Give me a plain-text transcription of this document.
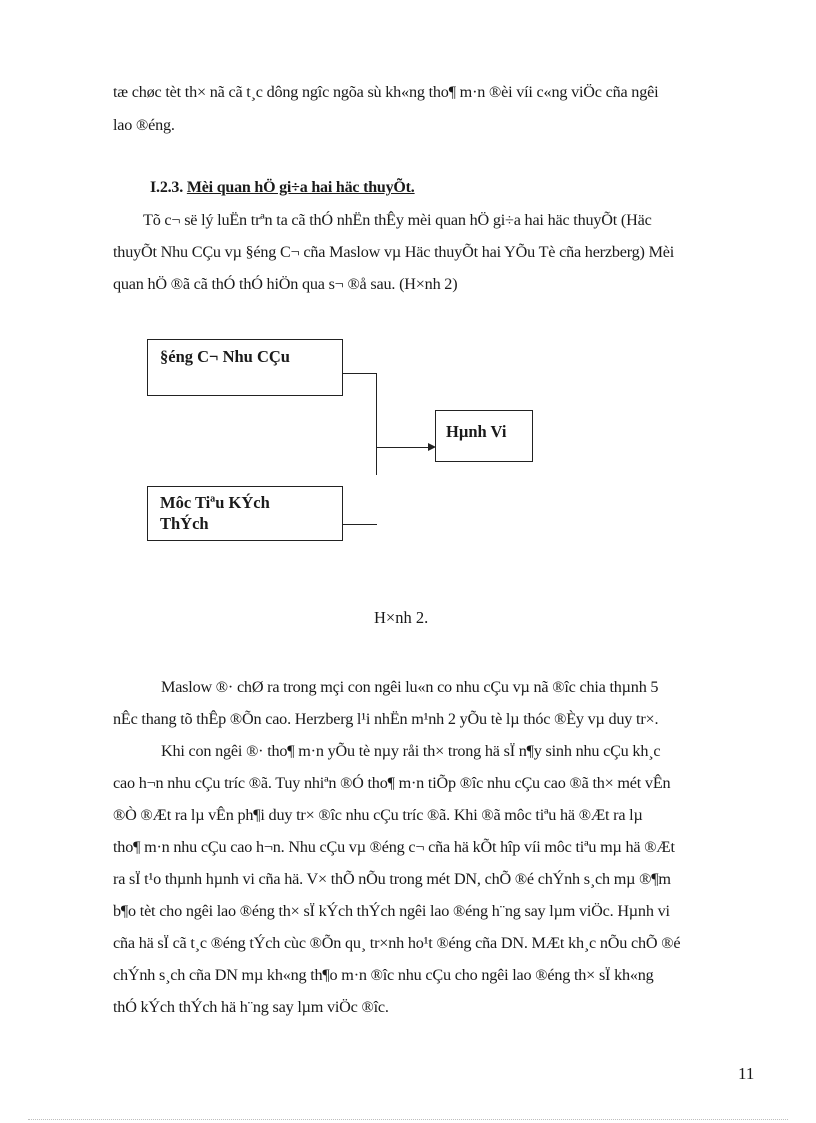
tæ chøc tèt th× nã cã t¸c dông ngîc ngõa sù kh«ng tho¶ m·n ®èi víi c«ng viÖc cña ngêi

lao ®éng.

I.2.3. Mèi quan hÖ gi÷a hai häc thuyÕt.

Tõ c¬ së lý luËn trªn ta cã thÓ nhËn thÊy mèi quan hÖ gi÷a hai häc thuyÕt (Häc

thuyÕt Nhu CÇu vµ §éng C¬ cña Maslow vµ Häc thuyÕt hai YÕu Tè cña herzberg) Mèi

quan hÖ ®ã cã thÓ thÓ hiÖn qua s¬ ®å sau. (H×nh 2)

§éng C¬ Nhu CÇu
Hµnh Vi
Môc Tiªu KÝch ThÝch
H×nh 2.

Maslow ®· chØ ra trong mçi con ngêi lu«n co nhu cÇu vµ nã ®îc chia thµnh 5

nÊc thang tõ thÊp ®Õn cao. Herzberg l¹i nhËn m¹nh 2 yÕu tè lµ thóc ®Èy vµ duy tr×.

Khi con ngêi ®· tho¶ m·n yÕu tè nµy råi th× trong hä sÏ n¶y sinh nhu cÇu kh¸c

cao h¬n nhu cÇu tríc ®ã. Tuy nhiªn ®Ó tho¶ m·n tiÕp ®îc nhu cÇu cao ®ã th× mét vÊn

®Ò ®Æt ra lµ vÊn ph¶i duy tr× ®îc nhu cÇu tríc ®ã. Khi ®ã môc tiªu hä ®Æt ra lµ

tho¶ m·n nhu cÇu cao h¬n. Nhu cÇu vµ ®éng c¬ cña hä kÕt hîp víi môc tiªu mµ hä ®Æt

ra sÏ t¹o thµnh hµnh vi cña hä. V× thÕ nÕu trong mét DN, chÕ ®é chÝnh s¸ch mµ ®¶m

b¶o tèt cho ngêi lao ®éng th× sÏ kÝch thÝch ngêi lao ®éng h¨ng say lµm viÖc. Hµnh vi

cña hä sÏ cã t¸c ®éng tÝch cùc ®Õn qu¸ tr×nh ho¹t ®éng cña DN. MÆt kh¸c nÕu chÕ ®é

chÝnh s¸ch cña DN mµ kh«ng th¶o m·n ®îc nhu cÇu cho ngêi lao ®éng th× sÏ kh«ng

thÓ kÝch thÝch hä h¨ng say lµm viÖc ®îc.

11
